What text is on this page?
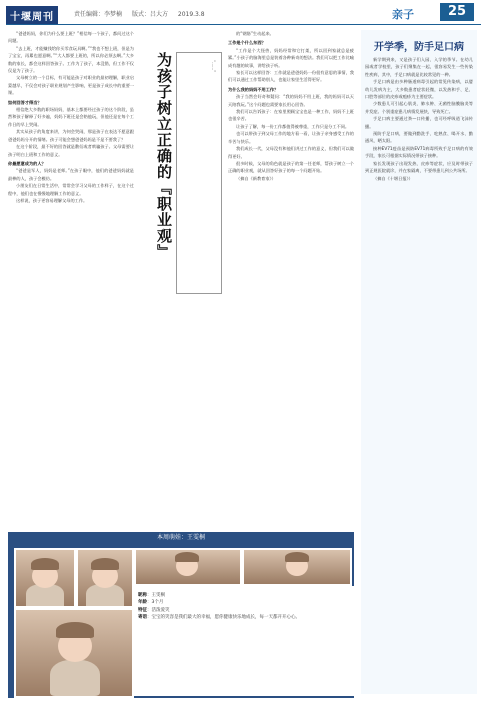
十堰周刊	责任编辑：李梦楠 版式：吕大方 2019.3.8	亲子	25

“爸爸妈妈，你们为什么要上班？”相信每一个孩子，都问过这个问题。

“去上班，才能赚钱给你买零食玩具啊。”“我也不想上班，但是为了宝宝，再累也愿意啊。”“大人都要上班的，所以你必须去啊。”大多数的家长，都会这样回答孩子。工作为了孩子，本没错，但工作不仅仅是为了孩子。

父母树立的一个目标，有可能是孩子对职业的最初理解，职业启蒙越早，不仅会对孩子职业规划产生影响，更是孩子成长中的重要一课。

如何回答才得当？

相信绝大多数的职场妈妈，基本上都要经过孩子的这个阶段，虽然和孩子解释了好多遍，妈妈下班还是会陪他玩，但他还是在每个工作日的早上哭闹。

其实从孩子的角度来讲，为何会哭闹，那是孩子在表达不愿意跟爸爸妈妈分开的情绪。孩子可能会想爸爸妈妈是不是不要我了？

在这个阶段，最不好的回答就是敷衍或者哄骗孩子。父母需要让孩子明白上班和工作的意义。

你最愿意成为的人？

“爸爸是军人，妈妈是老师。”在孩子眼中，他们的爸爸妈妈就是最棒的人，孩子会模仿。

小朋友们在日常生活中，常常会学习父母的工作样子，在这个过程中，他们也在慢慢地理解工作的意义。

这样说，孩子更容易理解父母的工作。	为孩子树立正确的『职业观』	“……”

的“钢筋”生动起来。

工作是个什么东西？

“工作是个大怪兽，妈妈经常和它打架，所以回到家就总是疲累。”小孩子的脑海里总是装着各种新奇的想法。我们可以把工作比喻成有趣的故事，讲给孩子听。

家长可以这样回答：工作就是爸爸妈妈一份很有意思的事情，我们可以通过工作帮助别人，也能让家里生活得更好。

为什么我的妈妈不用工作？

孩子当然会好奇和疑问：“我的妈妈不用上班，我的妈妈可以天天陪我玩。”这个问题也需要家长用心回答。

我们可以告诉孩子：在家里照顾宝宝也是一种工作，妈妈不上班也很辛苦。

让孩子了解，每一份工作都值得被尊重，工作只是分工不同。

也可以带孩子到父母工作的地方看一看，让孩子亲身感受工作的辛苦与快乐。

我们成长一代，父母没有和他们讲过工作的意义，但我们可以做得更好。

很多时候，父母的角色就是孩子的第一任老师，帮孩子树立一个正确的职业观，就从回答好孩子的每一个问题开始。

（摘自《新教育家》）

开学季，防手足口病

新学期到来，又是孩子们入园、入学的季节。在幼儿园或者学校里，孩子们聚集在一起，很容易发生一些传染性疾病，其中，手足口病就是比较常见的一种。

手足口病是由多种肠道病毒引起的常见传染病，以婴幼儿发病为主，大多数患者症状轻微，以发热和手、足、口腔等部位的皮疹或疱疹为主要症状。

少数患儿可引起心肌炎、肺水肿、无菌性脑膜脑炎等并发症。个别重症患儿病情发展快，导致死亡。

手足口病主要通过粪—口传播，也可经呼吸道飞沫传播。

预防手足口病，要做到勤洗手、吃熟食、喝开水、勤通风、晒太阳。

接种EV71疫苗是预防EV71病毒所致手足口病的有效手段，家长可根据实际情况带孩子接种。

家长发现孩子出现发热、皮疹等症状，应及时带孩子到正规医院就诊，并在家隔离，不要带患儿到公共场所。

（摘自《十堰日报》）

本周萌娃：王雯桐

昵称：王雯桐

年龄：3个月

特征：活泼爱笑

寄语：宝宝的笑容是我们最大的幸福，愿你健康快乐地成长，每一天都开开心心。
